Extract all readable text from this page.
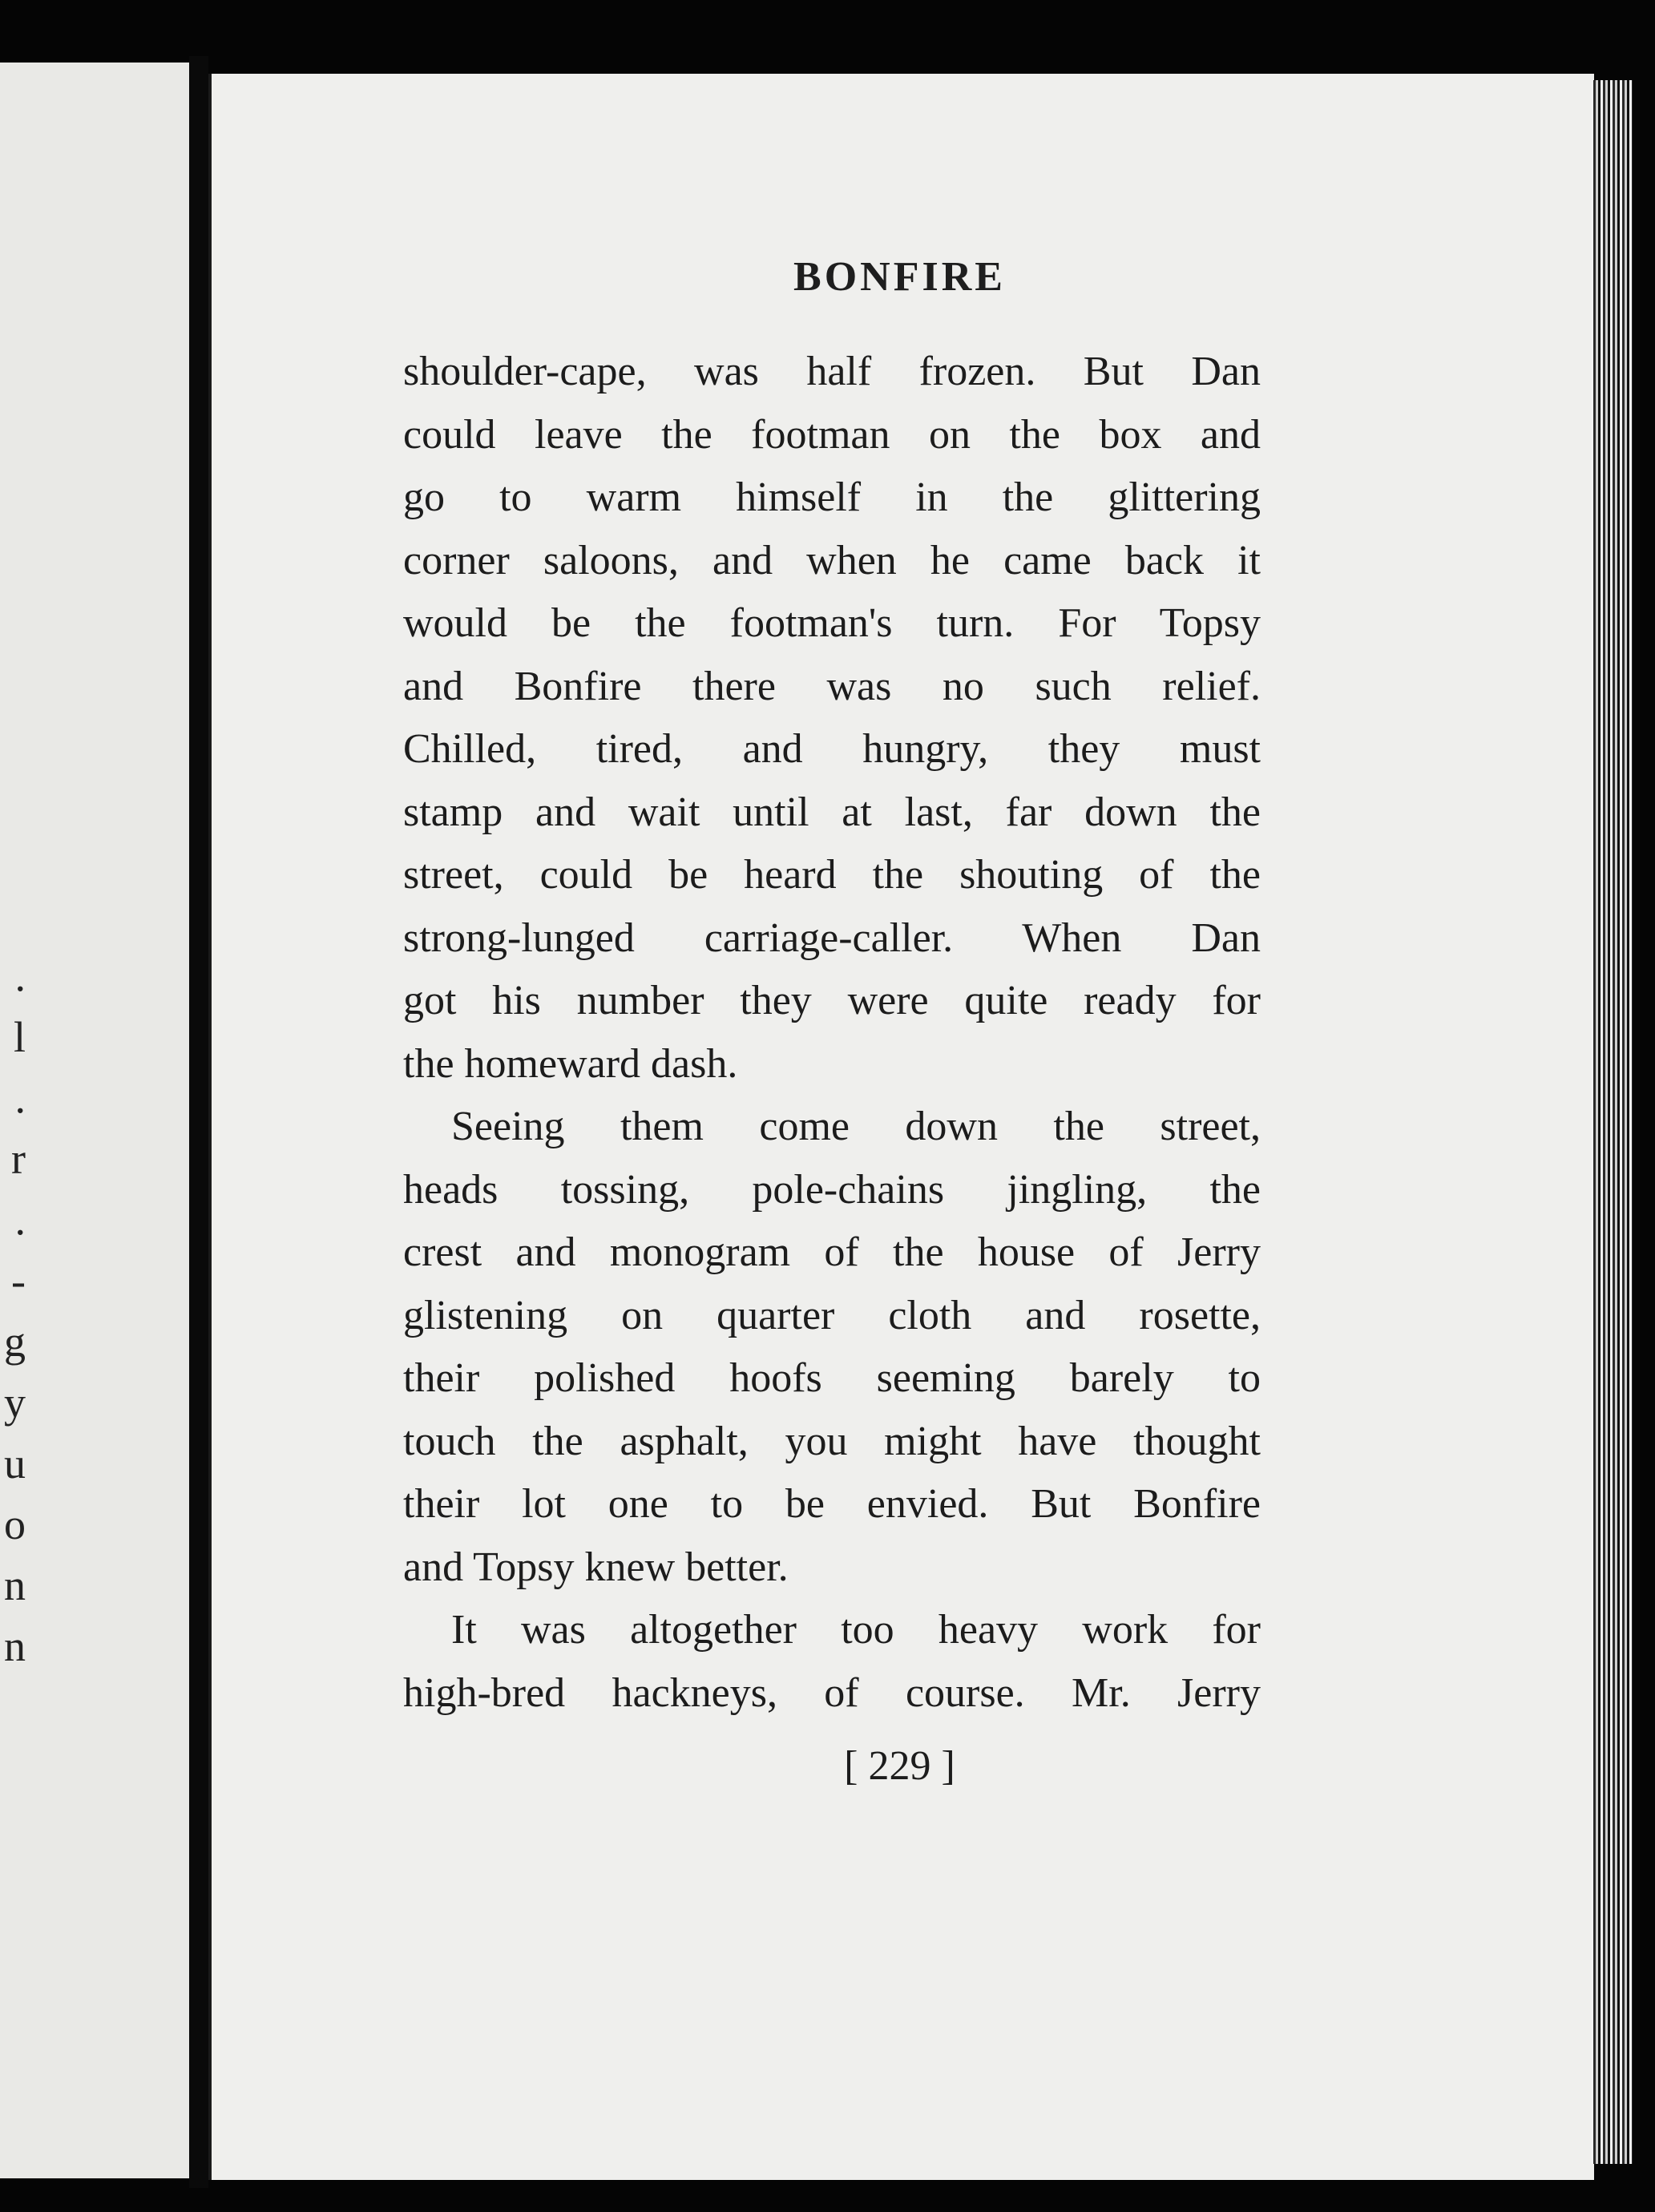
.
l
.
r
.
-
g
y
u
o
n
n
BONFIRE
shoulder-cape, was half frozen. But Dan
could leave the footman on the box and
go to warm himself in the glittering
corner saloons, and when he came back it
would be the footman's turn. For Topsy
and Bonfire there was no such relief.
Chilled, tired, and hungry, they must
stamp and wait until at last, far down the
street, could be heard the shouting of the
strong-lunged carriage-caller. When Dan
got his number they were quite ready for
the homeward dash.
Seeing them come down the street,
heads tossing, pole-chains jingling, the
crest and monogram of the house of Jerry
glistening on quarter cloth and rosette,
their polished hoofs seeming barely to
touch the asphalt, you might have thought
their lot one to be envied. But Bonfire
and Topsy knew better.
It was altogether too heavy work for
high-bred hackneys, of course. Mr. Jerry
[ 229 ]
